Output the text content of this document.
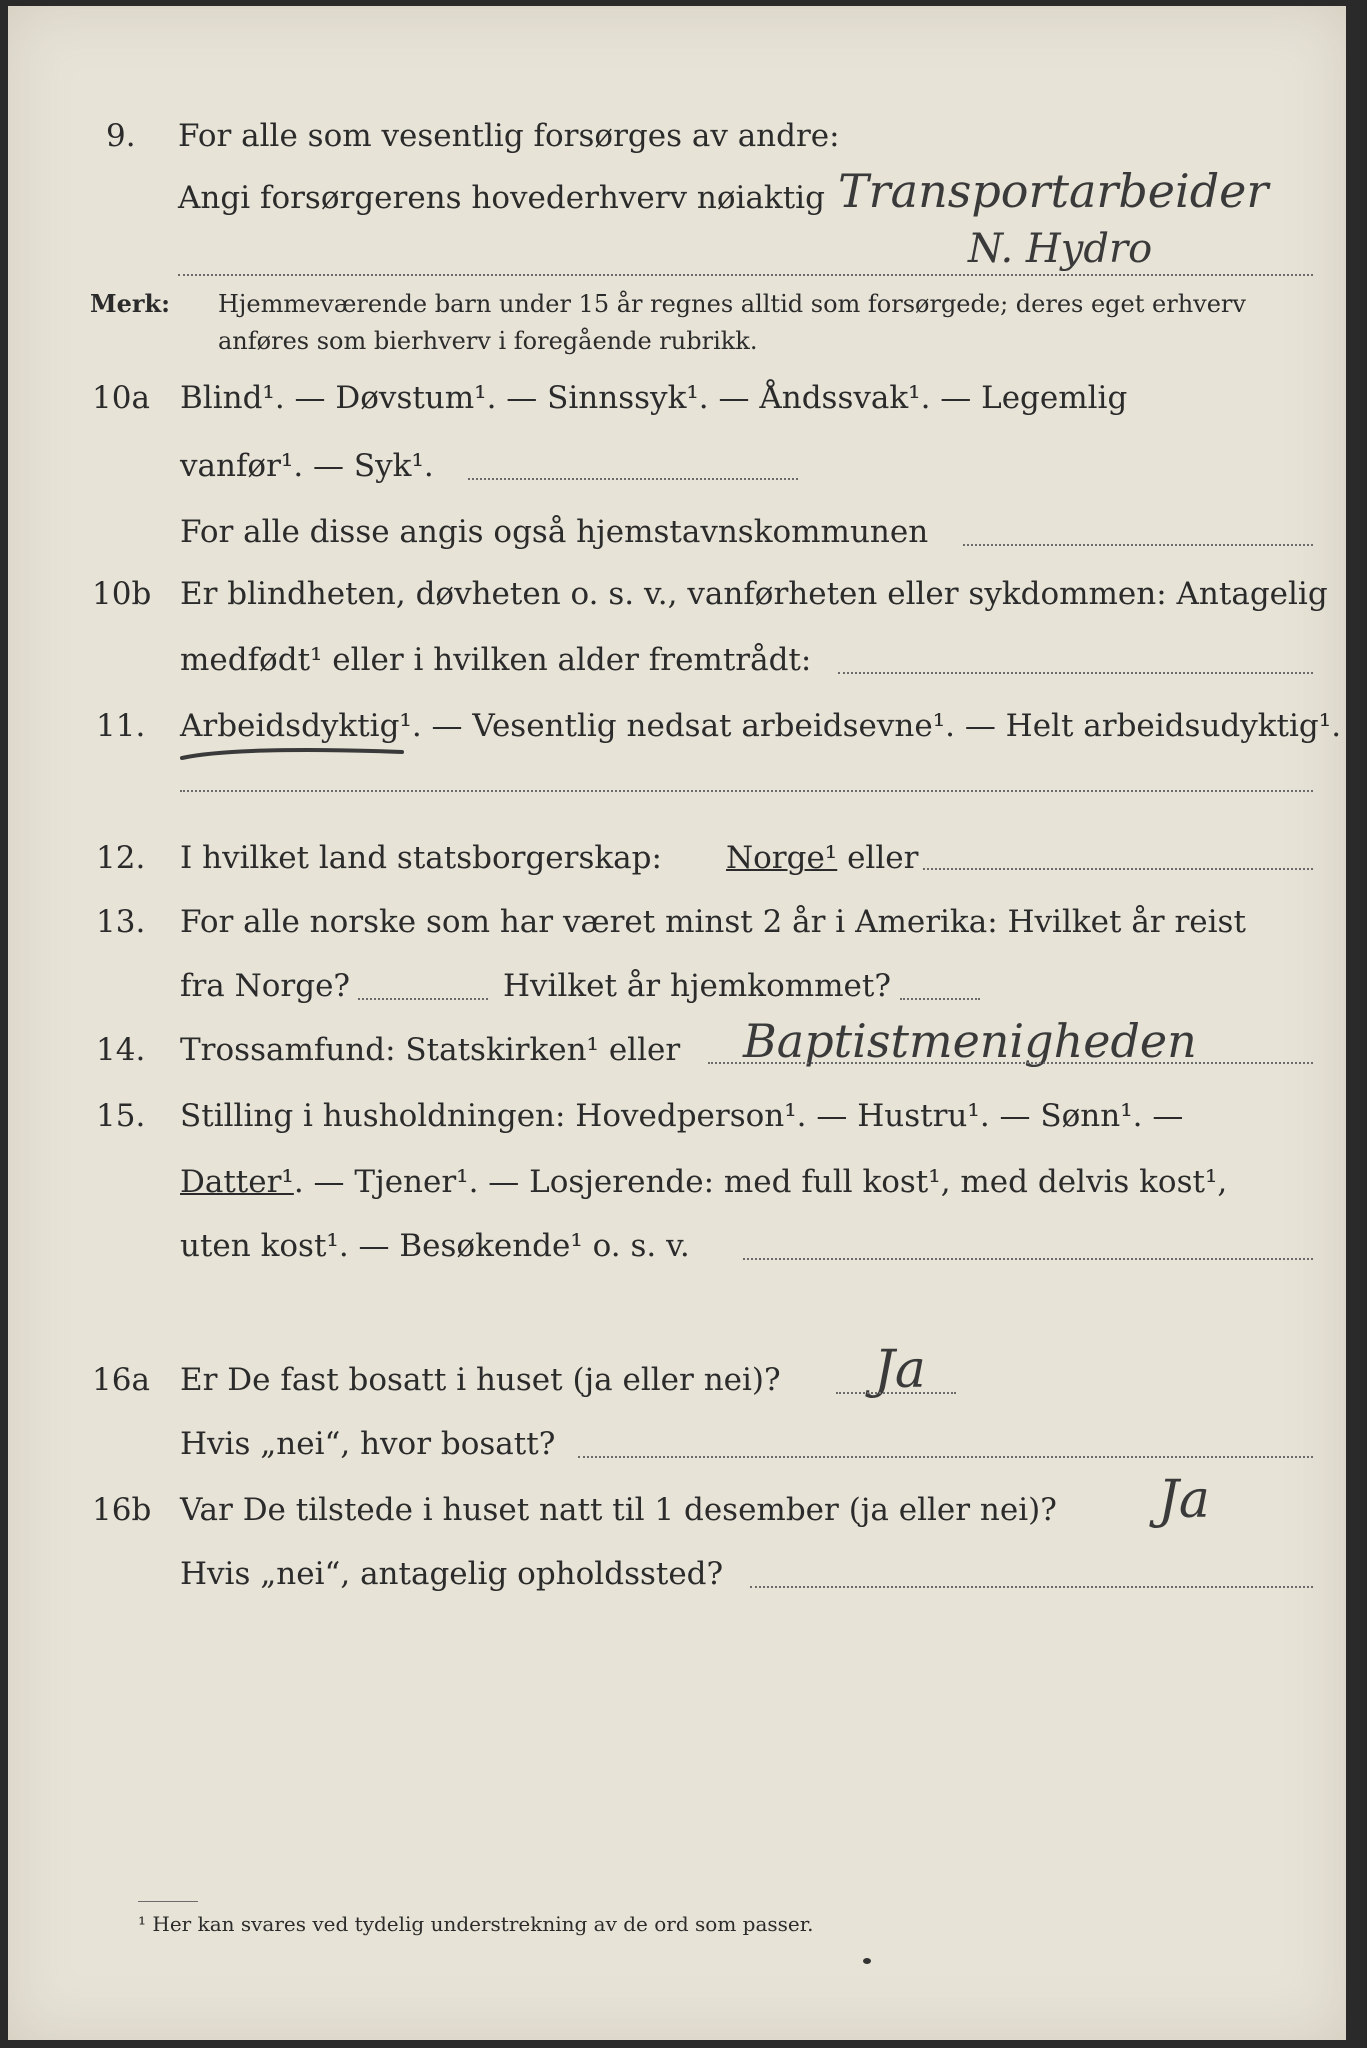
9. For alle som vesentlig forsørges av andre:
Angi forsørgerens hovederhverv nøiaktig Transportarbeider
N. Hydro
Merk: Hjemmeværende barn under 15 år regnes alltid som forsørgede; deres eget erhverv
anføres som bierhverv i foregående rubrikk.
10a Blind¹. — Døvstum¹. — Sinnssyk¹. — Åndssvak¹. — Legemlig
vanfør¹. — Syk¹.
For alle disse angis også hjemstavnskommunen
10b Er blindheten, døvheten o. s. v., vanførheten eller sykdommen: Antagelig
medfødt¹ eller i hvilken alder fremtrådt:
11. Arbeidsdyktig¹. — Vesentlig nedsat arbeidsevne¹. — Helt arbeidsudyktig¹.
12. I hvilket land statsborgerskap: Norge¹ eller
13. For alle norske som har været minst 2 år i Amerika: Hvilket år reist
fra Norge?	Hvilket år hjemkommet?
14. Trossamfund: Statskirken¹ eller Baptistmenigheden
15. Stilling i husholdningen: Hovedperson¹. — Hustru¹. — Sønn¹. —
Datter¹. — Tjener¹. — Losjerende: med full kost¹, med delvis kost¹,
uten kost¹. — Besøkende¹ o. s. v.
16a Er De fast bosatt i huset (ja eller nei)? Ja
Hvis „nei“, hvor bosatt?
16b Var De tilstede i huset natt til 1 desember (ja eller nei)? Ja
Hvis „nei“, antagelig opholdssted?
¹ Her kan svares ved tydelig understrekning av de ord som passer.
